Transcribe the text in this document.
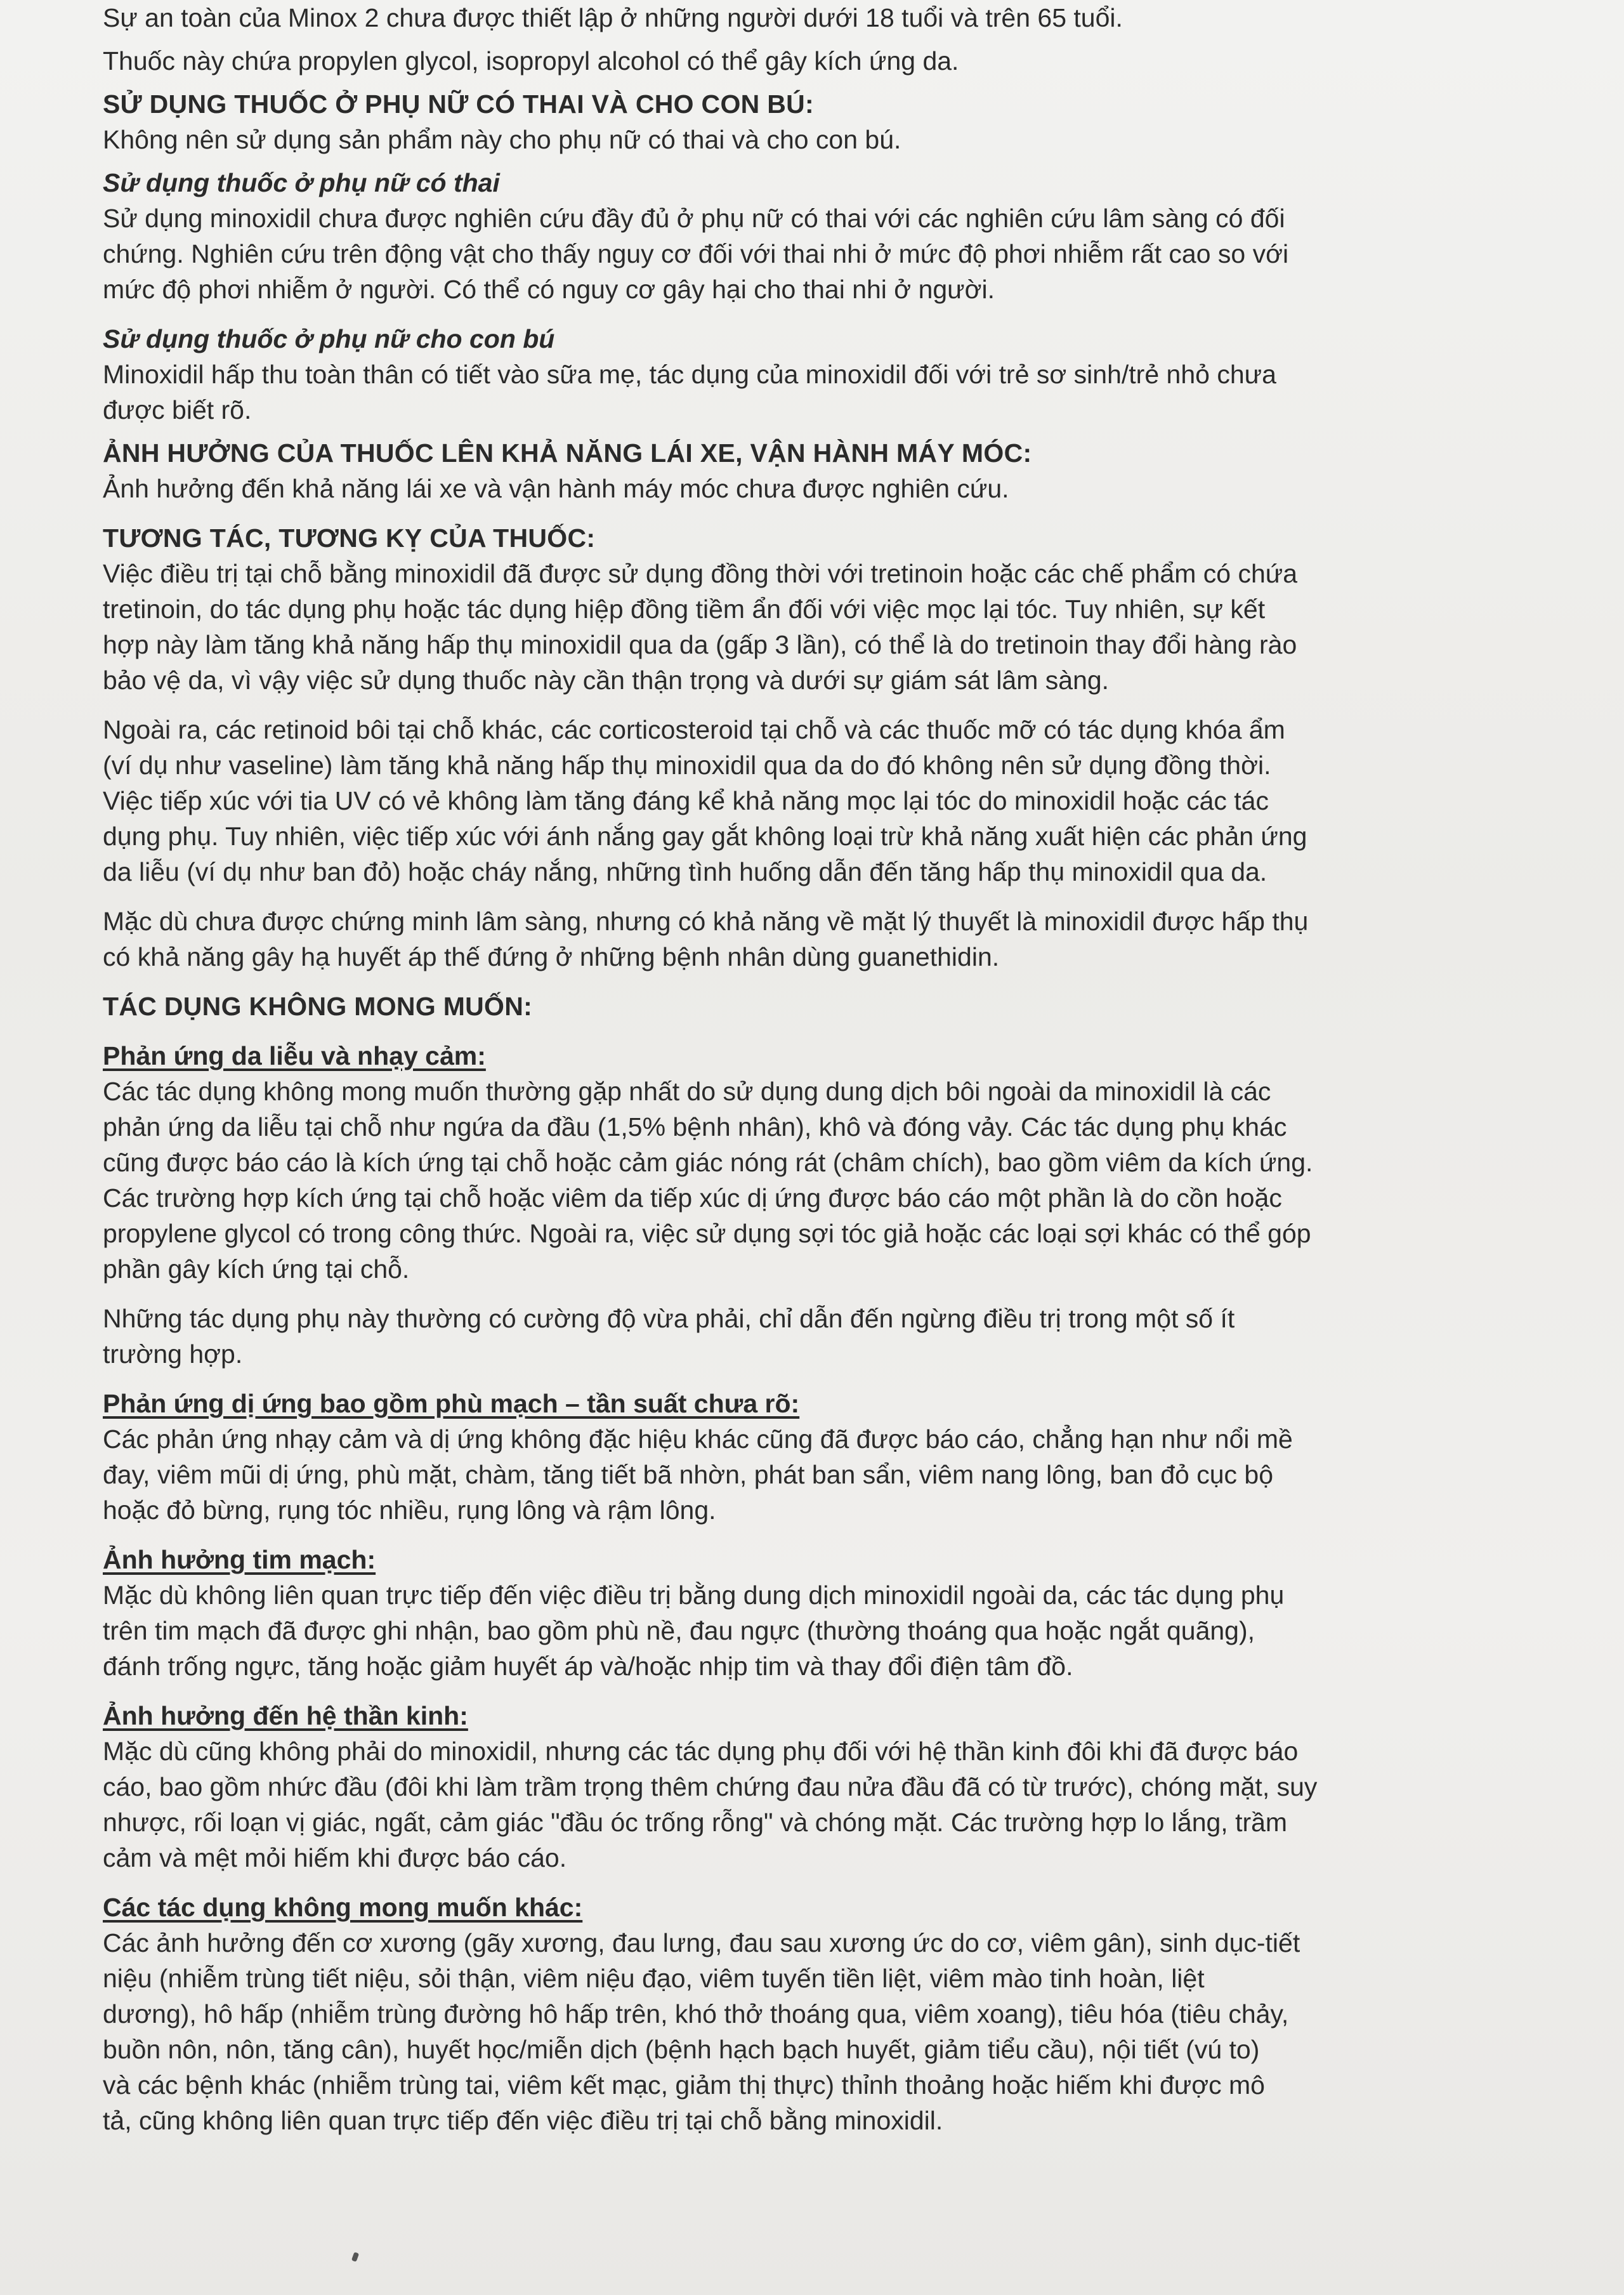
Sự an toàn của Minox 2 chưa được thiết lập ở những người dưới 18 tuổi và trên 65 tuổi.

Thuốc này chứa propylen glycol, isopropyl alcohol có thể gây kích ứng da.

SỬ DỤNG THUỐC Ở PHỤ NỮ CÓ THAI VÀ CHO CON BÚ:

Không nên sử dụng sản phẩm này cho phụ nữ có thai và cho con bú.

Sử dụng thuốc ở phụ nữ có thai

Sử dụng minoxidil chưa được nghiên cứu đầy đủ ở phụ nữ có thai với các nghiên cứu lâm sàng có đối

chứng. Nghiên cứu trên động vật cho thấy nguy cơ đối với thai nhi ở mức độ phơi nhiễm rất cao so với

mức độ phơi nhiễm ở người. Có thể có nguy cơ gây hại cho thai nhi ở người.

Sử dụng thuốc ở phụ nữ cho con bú

Minoxidil hấp thu toàn thân có tiết vào sữa mẹ, tác dụng của minoxidil đối với trẻ sơ sinh/trẻ nhỏ chưa

được biết rõ.

ẢNH HƯỞNG CỦA THUỐC LÊN KHẢ NĂNG LÁI XE, VẬN HÀNH MÁY MÓC:

Ảnh hưởng đến khả năng lái xe và vận hành máy móc chưa được nghiên cứu.

TƯƠNG TÁC, TƯƠNG KỴ CỦA THUỐC:

Việc điều trị tại chỗ bằng minoxidil đã được sử dụng đồng thời với tretinoin hoặc các chế phẩm có chứa

tretinoin, do tác dụng phụ hoặc tác dụng hiệp đồng tiềm ẩn đối với việc mọc lại tóc. Tuy nhiên, sự kết

hợp này làm tăng khả năng hấp thụ minoxidil qua da (gấp 3 lần), có thể là do tretinoin thay đổi hàng rào

bảo vệ da, vì vậy việc sử dụng thuốc này cần thận trọng và dưới sự giám sát lâm sàng.

Ngoài ra, các retinoid bôi tại chỗ khác, các corticosteroid tại chỗ và các thuốc mỡ có tác dụng khóa ẩm

(ví dụ như vaseline) làm tăng khả năng hấp thụ minoxidil qua da do đó không nên sử dụng đồng thời.

Việc tiếp xúc với tia UV có vẻ không làm tăng đáng kể khả năng mọc lại tóc do minoxidil hoặc các tác

dụng phụ. Tuy nhiên, việc tiếp xúc với ánh nắng gay gắt không loại trừ khả năng xuất hiện các phản ứng

da liễu (ví dụ như ban đỏ) hoặc cháy nắng, những tình huống dẫn đến tăng hấp thụ minoxidil qua da.

Mặc dù chưa được chứng minh lâm sàng, nhưng có khả năng về mặt lý thuyết là minoxidil được hấp thụ

có khả năng gây hạ huyết áp thế đứng ở những bệnh nhân dùng guanethidin.

TÁC DỤNG KHÔNG MONG MUỐN:
Phản ứng da liễu và nhạy cảm:

Các tác dụng không mong muốn thường gặp nhất do sử dụng dung dịch bôi ngoài da minoxidil là các

phản ứng da liễu tại chỗ như ngứa da đầu (1,5% bệnh nhân), khô và đóng vảy. Các tác dụng phụ khác

cũng được báo cáo là kích ứng tại chỗ hoặc cảm giác nóng rát (châm chích), bao gồm viêm da kích ứng.

Các trường hợp kích ứng tại chỗ hoặc viêm da tiếp xúc dị ứng được báo cáo một phần là do cồn hoặc

propylene glycol có trong công thức. Ngoài ra, việc sử dụng sợi tóc giả hoặc các loại sợi khác có thể góp

phần gây kích ứng tại chỗ.

Những tác dụng phụ này thường có cường độ vừa phải, chỉ dẫn đến ngừng điều trị trong một số ít

trường hợp.

Phản ứng dị ứng bao gồm phù mạch – tần suất chưa rõ:

Các phản ứng nhạy cảm và dị ứng không đặc hiệu khác cũng đã được báo cáo, chẳng hạn như nổi mề

đay, viêm mũi dị ứng, phù mặt, chàm, tăng tiết bã nhờn, phát ban sẩn, viêm nang lông, ban đỏ cục bộ

hoặc đỏ bừng, rụng tóc nhiều, rụng lông và rậm lông.

Ảnh hưởng tim mạch:

Mặc dù không liên quan trực tiếp đến việc điều trị bằng dung dịch minoxidil ngoài da, các tác dụng phụ

trên tim mạch đã được ghi nhận, bao gồm phù nề, đau ngực (thường thoáng qua hoặc ngắt quãng),

đánh trống ngực, tăng hoặc giảm huyết áp và/hoặc nhịp tim và thay đổi điện tâm đồ.

Ảnh hưởng đến hệ thần kinh:

Mặc dù cũng không phải do minoxidil, nhưng các tác dụng phụ đối với hệ thần kinh đôi khi đã được báo

cáo, bao gồm nhức đầu (đôi khi làm trầm trọng thêm chứng đau nửa đầu đã có từ trước), chóng mặt, suy

nhược, rối loạn vị giác, ngất, cảm giác "đầu óc trống rỗng" và chóng mặt. Các trường hợp lo lắng, trầm

cảm và mệt mỏi hiếm khi được báo cáo.

Các tác dụng không mong muốn khác:

Các ảnh hưởng đến cơ xương (gãy xương, đau lưng, đau sau xương ức do cơ, viêm gân), sinh dục-tiết

niệu (nhiễm trùng tiết niệu, sỏi thận, viêm niệu đạo, viêm tuyến tiền liệt, viêm mào tinh hoàn, liệt

dương), hô hấp (nhiễm trùng đường hô hấp trên, khó thở thoáng qua, viêm xoang), tiêu hóa (tiêu chảy,

buồn nôn, nôn, tăng cân), huyết học/miễn dịch (bệnh hạch bạch huyết, giảm tiểu cầu), nội tiết (vú to)

và các bệnh khác (nhiễm trùng tai, viêm kết mạc, giảm thị thực) thỉnh thoảng hoặc hiếm khi được mô

tả, cũng không liên quan trực tiếp đến việc điều trị tại chỗ bằng minoxidil.
